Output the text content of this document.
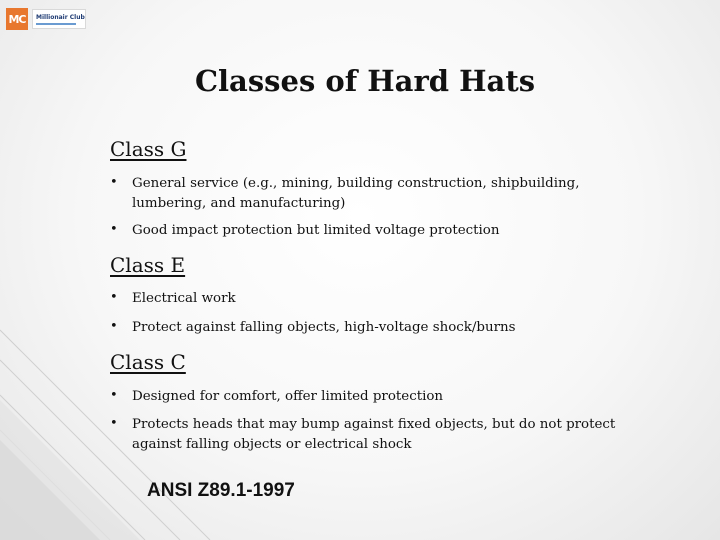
MC	Millionair Club
Classes of Hard Hats
Class G
•	General service (e.g., mining, building construction, shipbuilding, lumbering, and manufacturing)
•	Good impact protection but limited voltage protection
Class E
•	Electrical work
•	Protect against falling objects, high-voltage shock/burns
Class C
•	Designed for comfort, offer limited protection
•	Protects heads that may bump against fixed objects, but do not protect against falling objects or electrical shock
ANSI Z89.1-1997
